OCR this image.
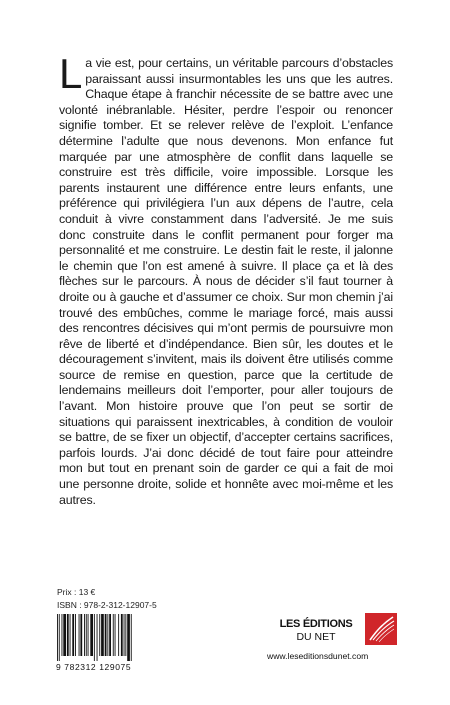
La vie est, pour certains, un véritable parcours d’obstacles paraissant aussi insurmontables les uns que les autres. Chaque étape à franchir nécessite de se battre avec une volonté inébranlable. Hésiter, perdre l’espoir ou renoncer signifie tomber. Et se relever relève de l’exploit. L’enfance détermine l’adulte que nous devenons. Mon enfance fut marquée par une atmosphère de conflit dans laquelle se construire est très difficile, voire impossible. Lorsque les parents instaurent une différence entre leurs enfants, une préférence qui privilégiera l’un aux dépens de l’autre, cela conduit à vivre constamment dans l’adversité. Je me suis donc construite dans le conflit permanent pour forger ma personnalité et me construire. Le destin fait le reste, il jalonne le chemin que l’on est amené à suivre. Il place ça et là des flèches sur le parcours. À nous de décider s’il faut tourner à droite ou à gauche et d’assumer ce choix. Sur mon chemin j’ai trouvé des embûches, comme le mariage forcé, mais aussi des rencontres décisives qui m’ont permis de poursuivre mon rêve de liberté et d’indépendance. Bien sûr, les doutes et le découragement s’invitent, mais ils doivent être utilisés comme source de remise en question, parce que la certitude de lendemains meilleurs doit l’emporter, pour aller toujours de l’avant. Mon histoire prouve que l’on peut se sortir de situations qui paraissent inextricables, à condition de vouloir se battre, de se fixer un objectif, d’accepter certains sacrifices, parfois lourds. J’ai donc décidé de tout faire pour atteindre mon but tout en prenant soin de garder ce qui a fait de moi une personne droite, solide et honnête avec moi-même et les autres.

Prix : 13 €
ISBN : 978-2-312-12907-5
9 782312 129075
LES ÉDITIONS
DU NET
www.leseditionsdunet.com
